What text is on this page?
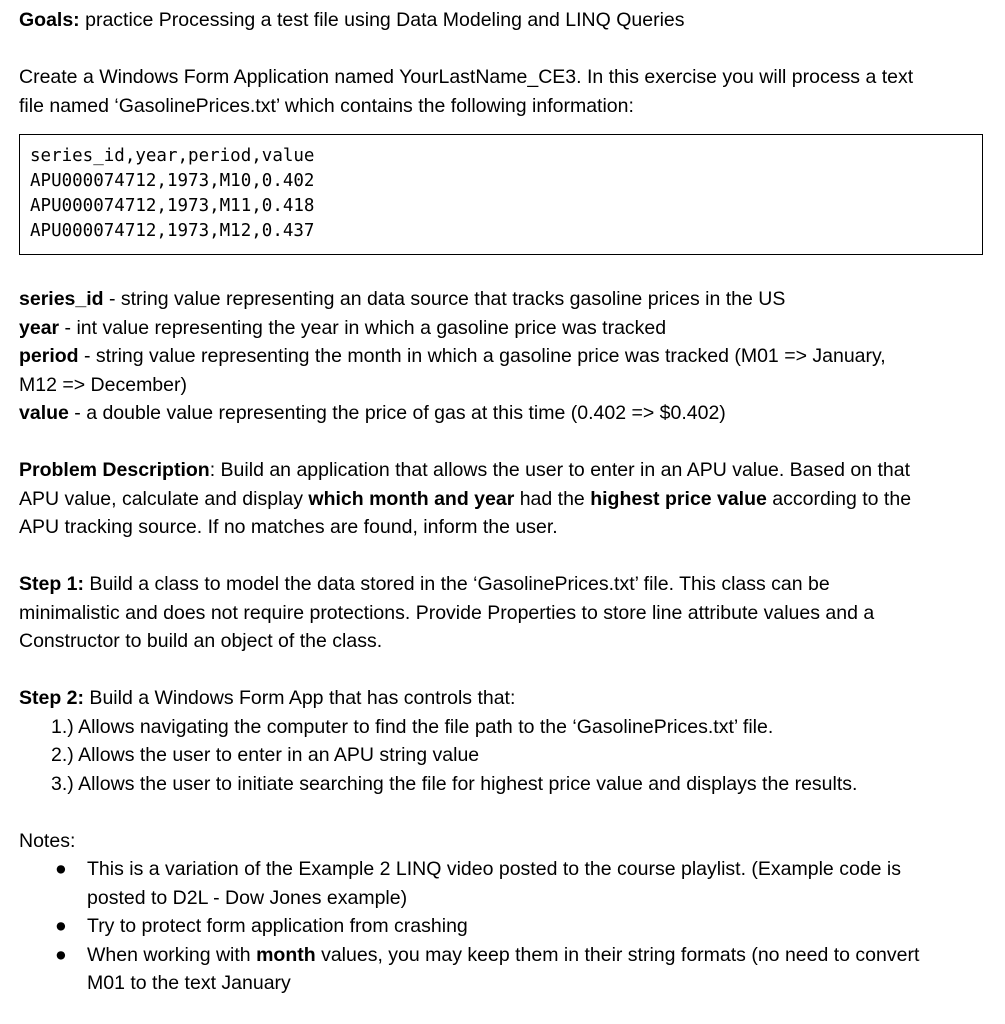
Goals: practice Processing a test file using Data Modeling and LINQ Queries
Create a Windows Form Application named YourLastName_CE3. In this exercise you will process a text
file named ‘GasolinePrices.txt’ which contains the following information:
series_id,year,period,value
APU000074712,1973,M10,0.402
APU000074712,1973,M11,0.418
APU000074712,1973,M12,0.437
series_id - string value representing an data source that tracks gasoline prices in the US
year - int value representing the year in which a gasoline price was tracked
period - string value representing the month in which a gasoline price was tracked (M01 => January,
M12 => December)
value - a double value representing the price of gas at this time (0.402 => $0.402)
Problem Description: Build an application that allows the user to enter in an APU value. Based on that
APU value, calculate and display which month and year had the highest price value according to the
APU tracking source. If no matches are found, inform the user.
Step 1: Build a class to model the data stored in the ‘GasolinePrices.txt’ file. This class can be
minimalistic and does not require protections. Provide Properties to store line attribute values and a
Constructor to build an object of the class.
Step 2: Build a Windows Form App that has controls that:
1.) Allows navigating the computer to find the file path to the ‘GasolinePrices.txt’ file.
2.) Allows the user to enter in an APU string value
3.) Allows the user to initiate searching the file for highest price value and displays the results.
Notes:
● This is a variation of the Example 2 LINQ video posted to the course playlist. (Example code is
posted to D2L - Dow Jones example)
● Try to protect form application from crashing
● When working with month values, you may keep them in their string formats (no need to convert
M01 to the text January
